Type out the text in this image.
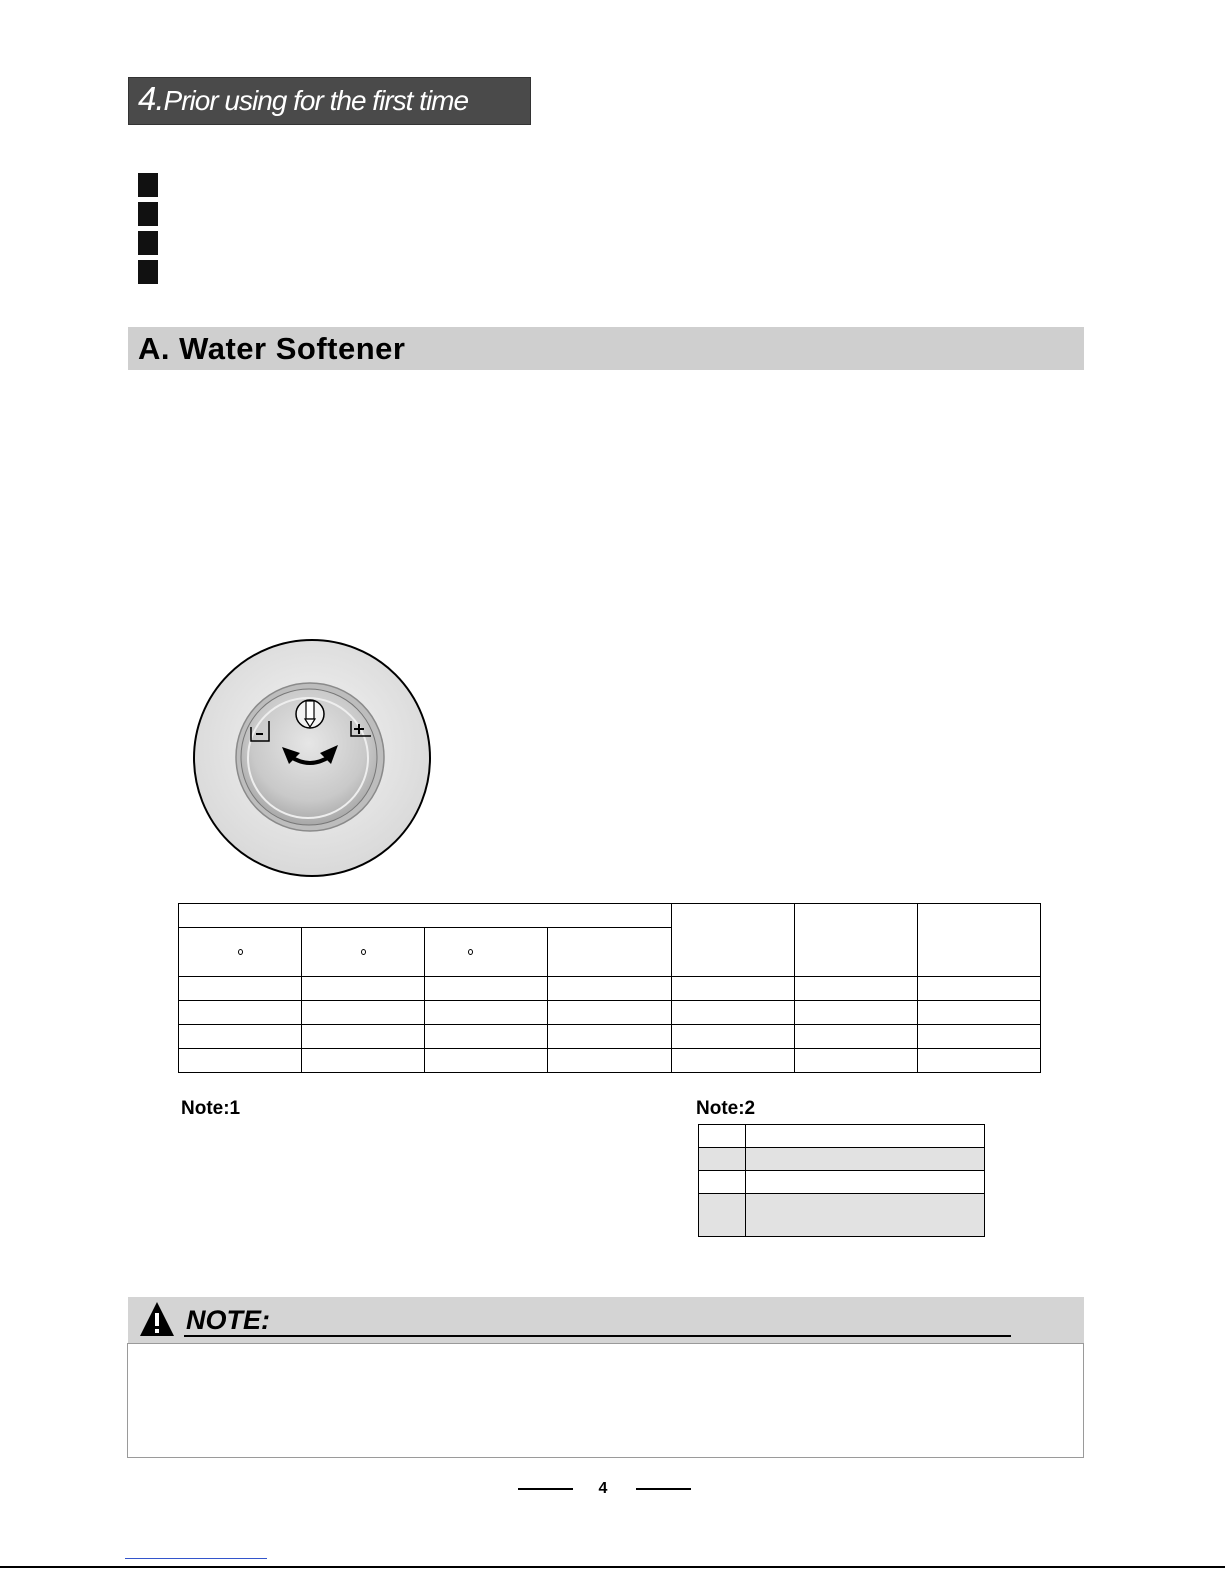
4.Prior using for the first time
A. Water Softener

Note:1	Note:2

NOTE:
4
